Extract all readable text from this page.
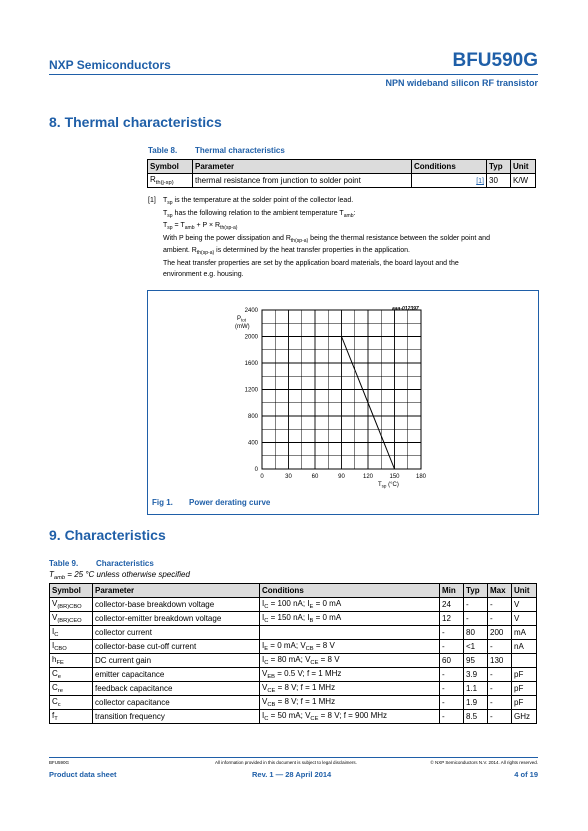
NXP Semiconductors	BFU590G
NPN wideband silicon RF transistor
8. Thermal characteristics
Table 8. Thermal characteristics
Symbol	Parameter	Conditions	Typ	Unit
$R_{th(j-sp)}$	thermal resistance from junction to solder point	[1]	30	K/W
[1] $T_{sp}$ is the temperature at the solder point of the collector lead.
$T_{sp}$ has the following relation to the ambient temperature $T_{amb}$:
$T_{sp} = T_{amb} + P \times R_{th(sp-a)}$
With P being the power dissipation and $R_{th(sp-a)}$ being the thermal resistance between the solder point and
ambient. $R_{th(sp-a)}$ is determined by the heat transfer properties in the application.
The heat transfer properties are set by the application board materials, the board layout and the
environment e.g. housing.
0
400
800
1200
1600
2000
2400
0	30	60	90	120	150	180
aaa-012397
$P_{tot}$
(mW)
$T_{sp}$ (°C)
Fig 1. Power derating curve
9. Characteristics
Table 9. Characteristics
$T_{amb} = 25$ °C unless otherwise specified
Symbol	Parameter	Conditions	Min	Typ	Max	Unit
$V_{(BR)CBO}$	collector-base breakdown voltage	$I_C = 100$ nA; $I_E = 0$ mA	24	-	-	V
$V_{(BR)CEO}$	collector-emitter breakdown voltage	$I_C = 150$ nA; $I_B = 0$ mA	12	-	-	V
$I_C$	collector current		-	80	200	mA
$I_{CBO}$	collector-base cut-off current	$I_E = 0$ mA; $V_{CB} = 8$ V	-	<1	-	nA
$h_{FE}$	DC current gain	$I_C = 80$ mA; $V_{CE} = 8$ V	60	95	130	
$C_e$	emitter capacitance	$V_{EB} = 0.5$ V; f = 1 MHz	-	3.9	-	pF
$C_{re}$	feedback capacitance	$V_{CE} = 8$ V; f = 1 MHz	-	1.1	-	pF
$C_c$	collector capacitance	$V_{CB} = 8$ V; f = 1 MHz	-	1.9	-	pF
$f_T$	transition frequency	$I_C = 50$ mA; $V_{CE} = 8$ V; f = 900 MHz	-	8.5	-	GHz
BFU590G	All information provided in this document is subject to legal disclaimers.	© NXP Semiconductors N.V. 2014. All rights reserved.
Product data sheet	Rev. 1 — 28 April 2014	4 of 19
